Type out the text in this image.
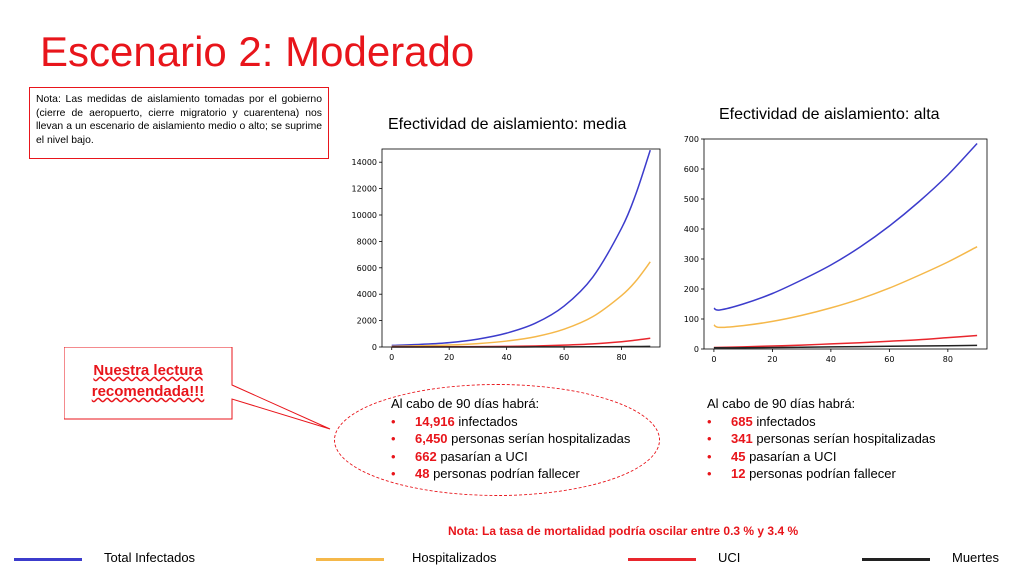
Escenario 2: Moderado
Nota: Las medidas de aislamiento tomadas por el gobierno (cierre de aeropuerto, cierre migratorio y cuarentena) nos llevan a un escenario de aislamiento medio o alto; se suprime el nivel bajo.
Efectividad de aislamiento: media
0
2000
4000
6000
8000
10000
12000
14000
0	20	40	60	80
Efectividad de aislamiento: alta
0
100
200
300
400
500
600
700
0	20	40	60	80
Nuestra lectura
recomendada!!!
Al cabo de 90 días habrá:
• 14,916 infectados
• 6,450 personas serían hospitalizadas
• 662 pasarían a UCI
• 48 personas podrían fallecer
Al cabo de 90 días habrá:
• 685 infectados
• 341 personas serían hospitalizadas
• 45 pasarían a UCI
• 12 personas podrían fallecer
Nota: La tasa de mortalidad podría oscilar entre 0.3 % y 3.4 %
Total Infectados	Hospitalizados	UCI	Muertes
